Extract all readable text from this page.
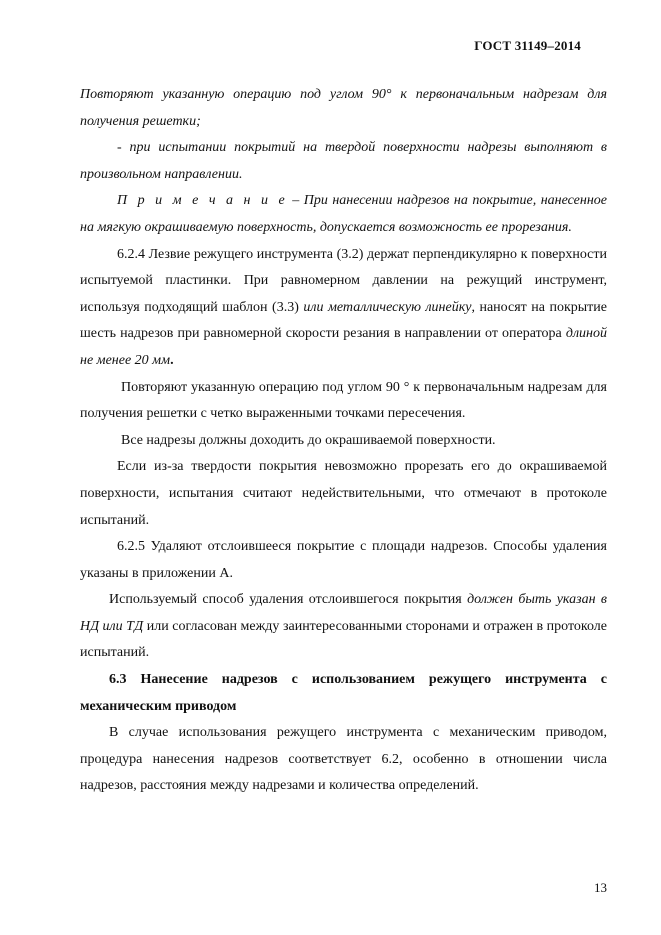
ГОСТ 31149–2014

Повторяют указанную операцию под углом 90° к первоначальным надрезам для получения решетки;

- при испытании покрытий на твердой поверхности надрезы выполняют в произвольном направлении.

П р и м е ч а н и е – При нанесении надрезов на покрытие, нанесенное на мягкую окрашиваемую поверхность, допускается возможность ее прорезания.

6.2.4 Лезвие режущего инструмента (3.2) держат перпендикулярно к поверхности испытуемой пластинки. При равномерном давлении на режущий инструмент, используя подходящий шаблон (3.3) или металлическую линейку, наносят на покрытие шесть надрезов при равномерной скорости резания в направлении от оператора длиной не менее 20 мм.

Повторяют указанную операцию под углом 90 ° к первоначальным надрезам для получения решетки с четко выраженными точками пересечения.

Все надрезы должны доходить до окрашиваемой поверхности.

Если из-за твердости покрытия невозможно прорезать его до окрашиваемой поверхности, испытания считают недействительными, что отмечают в протоколе испытаний.

6.2.5 Удаляют отслоившееся покрытие с площади надрезов. Способы удаления указаны в приложении А.

Используемый способ удаления отслоившегося покрытия должен быть указан в НД или ТД или согласован между заинтересованными сторонами и отражен в протоколе испытаний.

6.3 Нанесение надрезов с использованием режущего инструмента с механическим приводом

В случае использования режущего инструмента с механическим приводом, процедура нанесения надрезов соответствует 6.2, особенно в отношении числа надрезов, расстояния между надрезами и количества определений.

13
